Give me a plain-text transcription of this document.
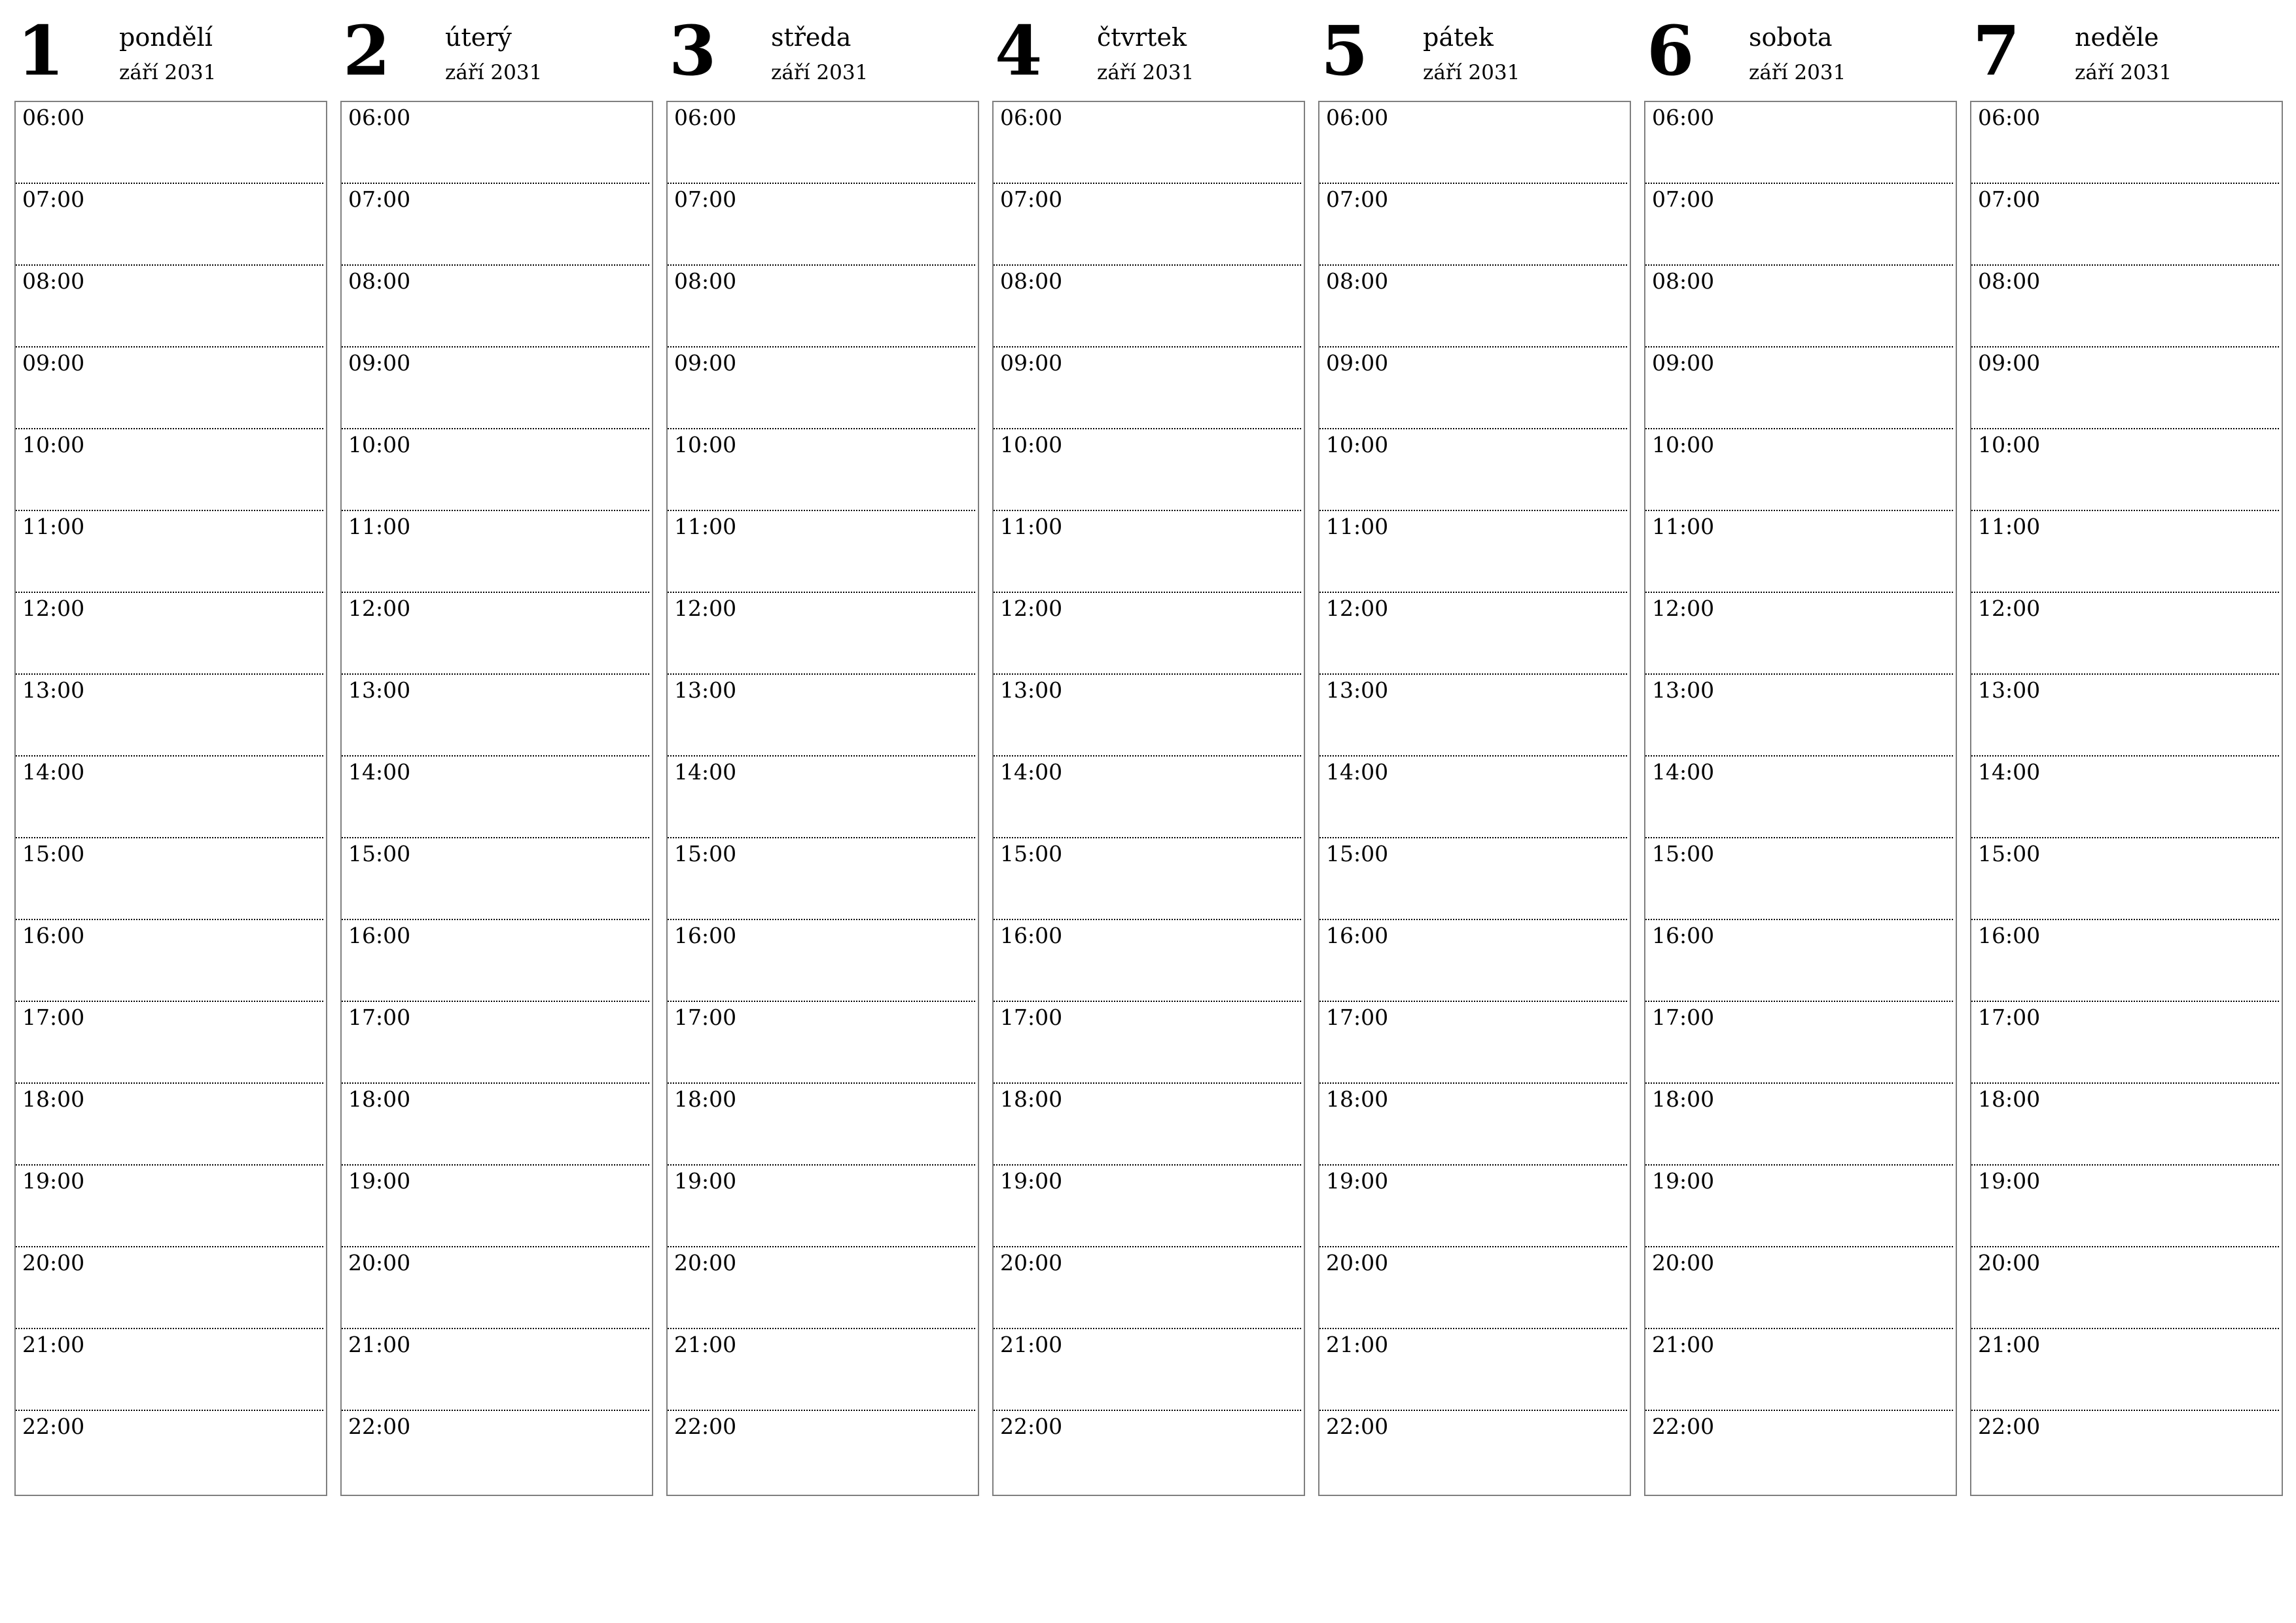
1 pondělí
září 2031
06:00
07:00
08:00
09:00
10:00
11:00
12:00
13:00
14:00
15:00
16:00
17:00
18:00
19:00
20:00
21:00
22:00
2 úterý
září 2031
06:00
07:00
08:00
09:00
10:00
11:00
12:00
13:00
14:00
15:00
16:00
17:00
18:00
19:00
20:00
21:00
22:00
3 středa
září 2031
06:00
07:00
08:00
09:00
10:00
11:00
12:00
13:00
14:00
15:00
16:00
17:00
18:00
19:00
20:00
21:00
22:00
4 čtvrtek
září 2031
06:00
07:00
08:00
09:00
10:00
11:00
12:00
13:00
14:00
15:00
16:00
17:00
18:00
19:00
20:00
21:00
22:00
5 pátek
září 2031
06:00
07:00
08:00
09:00
10:00
11:00
12:00
13:00
14:00
15:00
16:00
17:00
18:00
19:00
20:00
21:00
22:00
6 sobota
září 2031
06:00
07:00
08:00
09:00
10:00
11:00
12:00
13:00
14:00
15:00
16:00
17:00
18:00
19:00
20:00
21:00
22:00
7 neděle
září 2031
06:00
07:00
08:00
09:00
10:00
11:00
12:00
13:00
14:00
15:00
16:00
17:00
18:00
19:00
20:00
21:00
22:00
